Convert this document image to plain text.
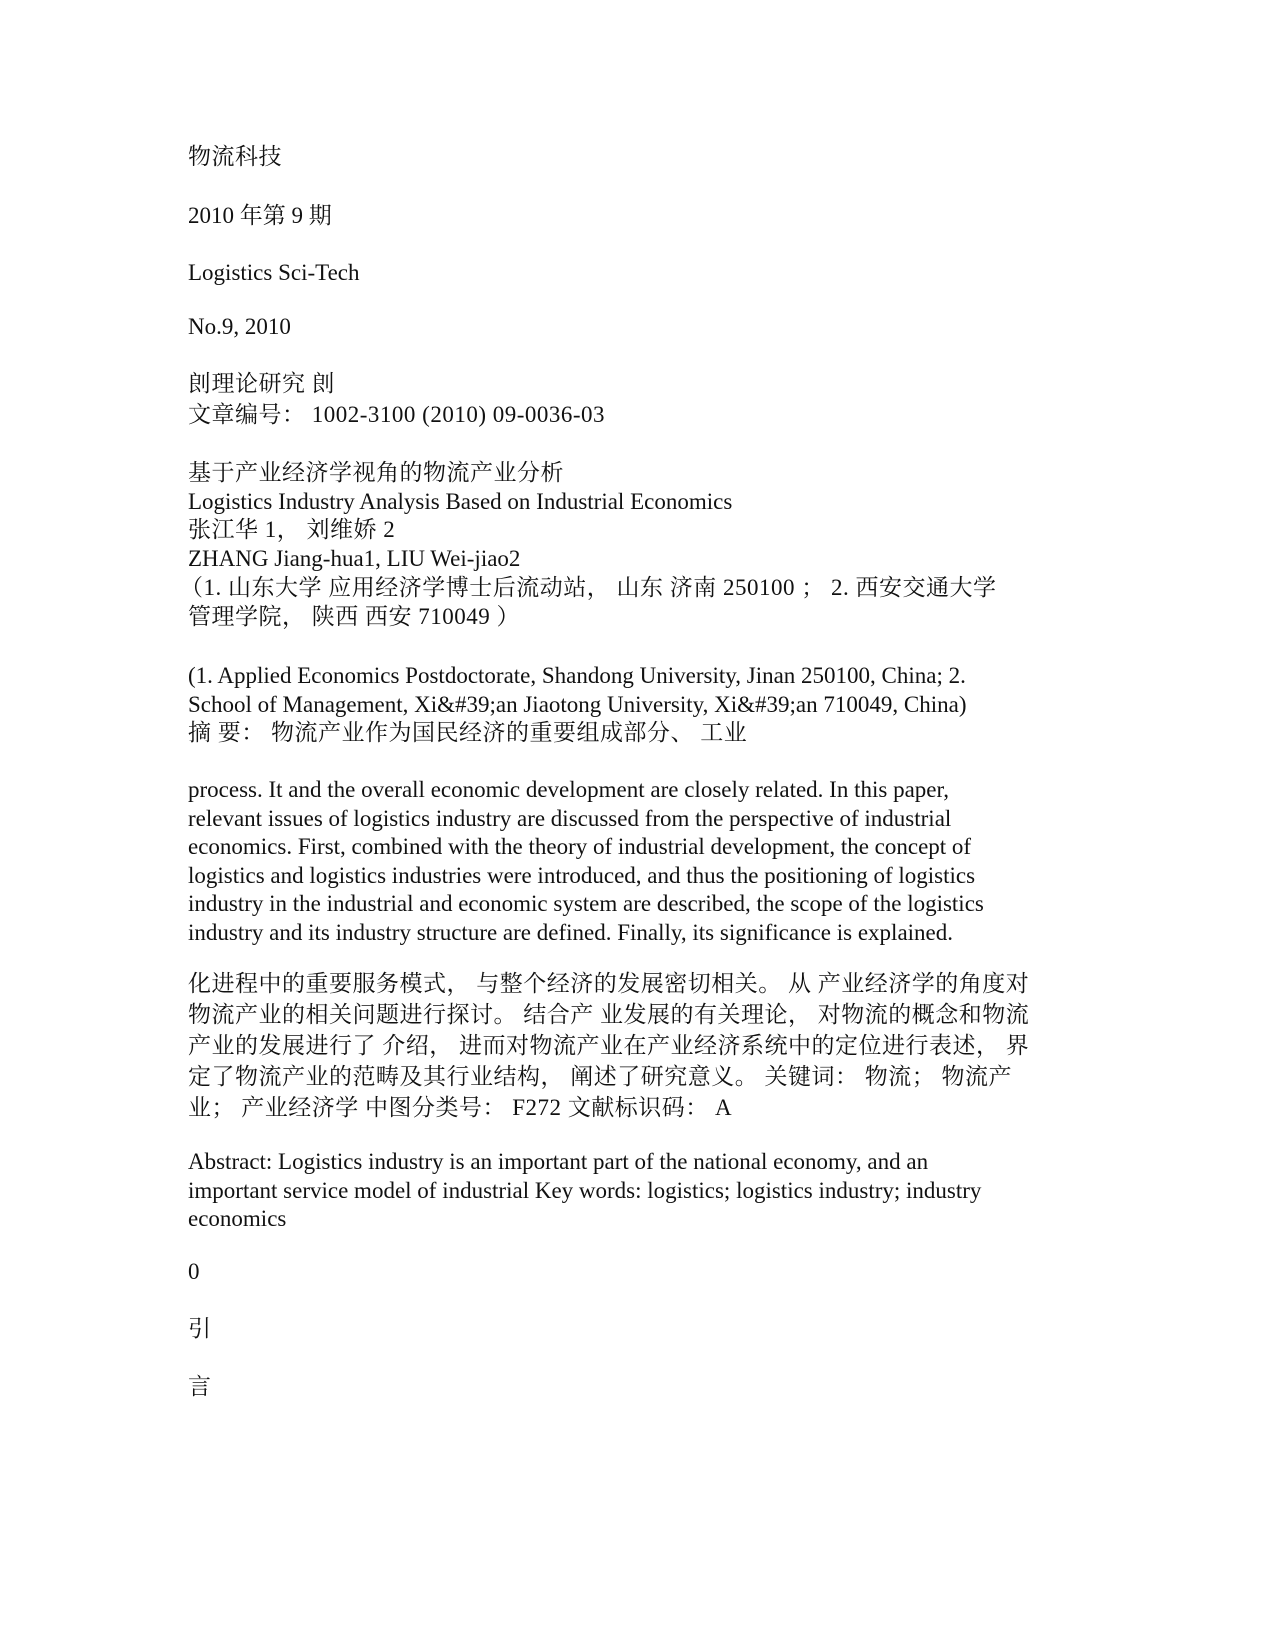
物流科技
2010 年第 9 期
Logistics Sci-Tech
No.9, 2010
剆理论研究 剆
文章编号： 1002-3100 (2010) 09-0036-03
基于产业经济学视角的物流产业分析
Logistics Industry Analysis Based on Industrial Economics
张江华 1， 刘维娇 2
ZHANG Jiang-hua1, LIU Wei-jiao2
（1. 山东大学 应用经济学博士后流动站， 山东 济南 250100 ； 2. 西安交通大学
管理学院， 陕西 西安 710049 ）
(1. Applied Economics Postdoctorate, Shandong University, Jinan 250100, China; 2.
School of Management, Xi&#39;an Jiaotong University, Xi&#39;an 710049, China)
摘 要： 物流产业作为国民经济的重要组成部分、 工业
process. It and the overall economic development are closely related. In this paper,
relevant issues of logistics industry are discussed from the perspective of industrial
economics. First, combined with the theory of industrial development, the concept of
logistics and logistics industries were introduced, and thus the positioning of logistics
industry in the industrial and economic system are described, the scope of the logistics
industry and its industry structure are defined. Finally, its significance is explained.
化进程中的重要服务模式， 与整个经济的发展密切相关。 从 产业经济学的角度对
物流产业的相关问题进行探讨。 结合产 业发展的有关理论， 对物流的概念和物流
产业的发展进行了 介绍， 进而对物流产业在产业经济系统中的定位进行表述， 界
定了物流产业的范畴及其行业结构， 阐述了研究意义。 关键词： 物流； 物流产
业； 产业经济学 中图分类号： F272 文献标识码： A
Abstract: Logistics industry is an important part of the national economy, and an
important service model of industrial Key words: logistics; logistics industry; industry
economics
0
引
言
